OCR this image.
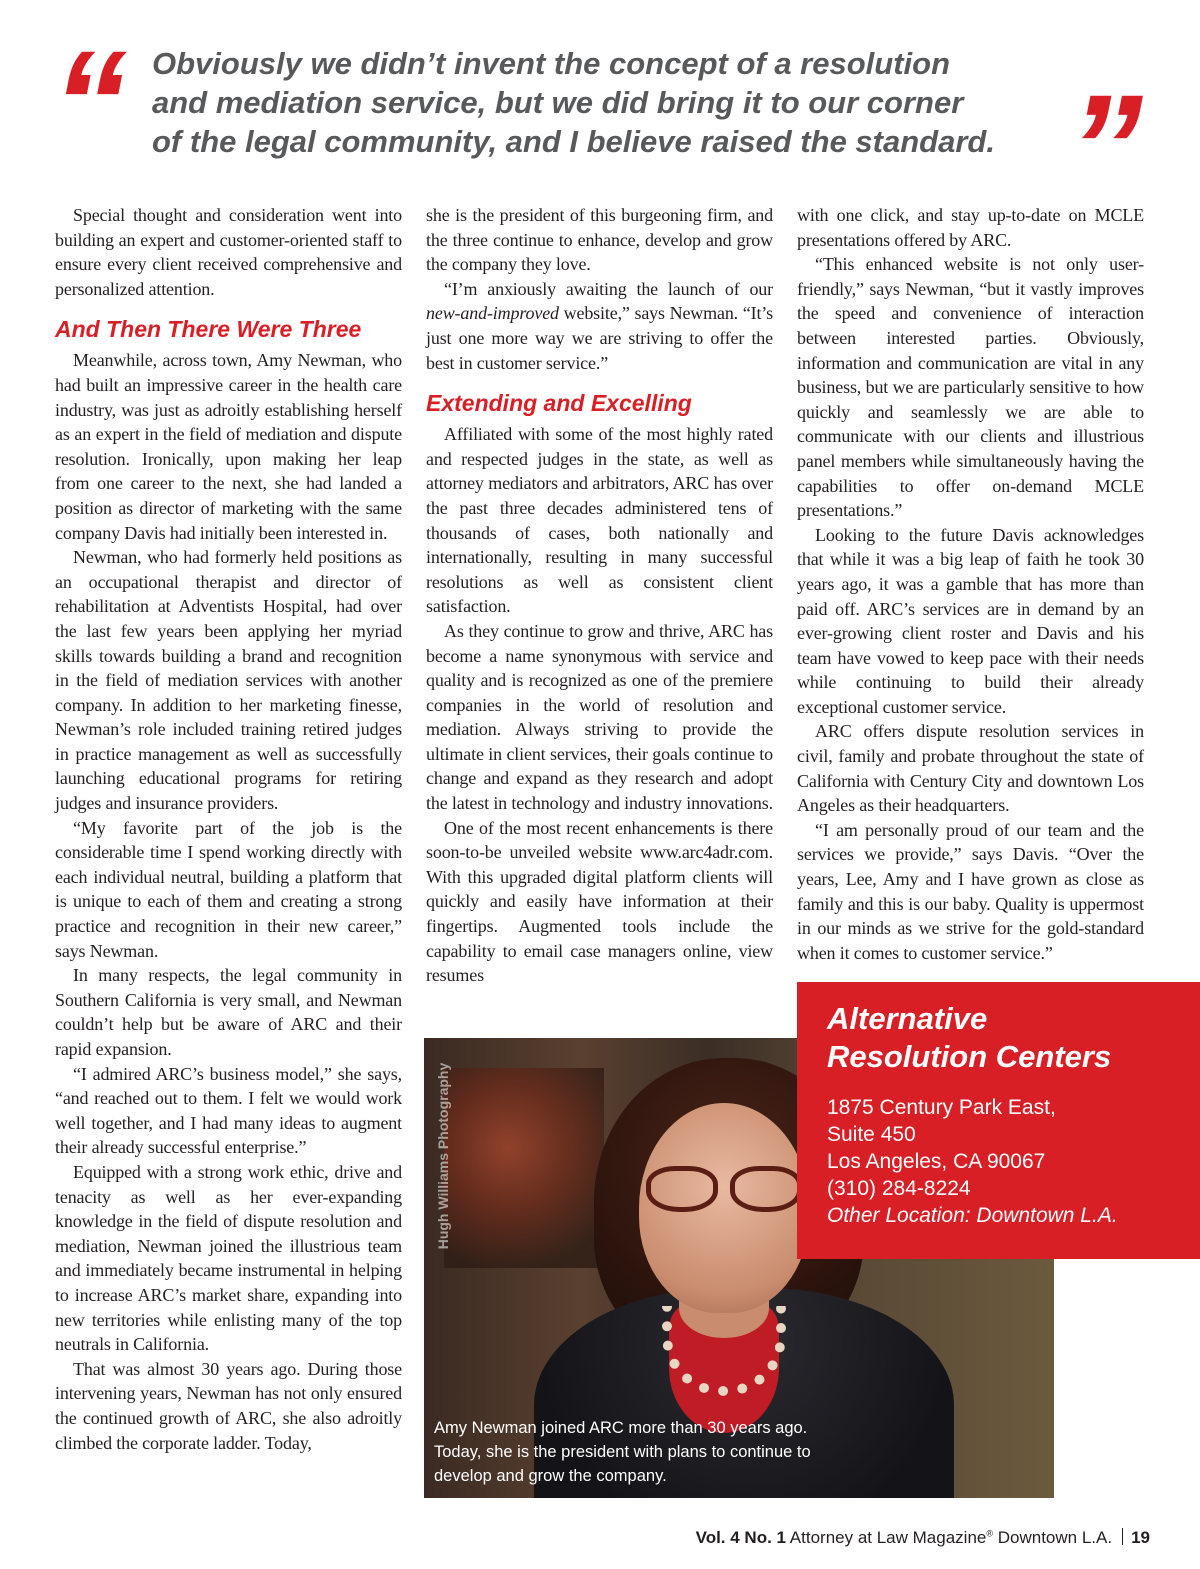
“ Obviously we didn’t invent the concept of a resolution
and mediation service, but we did bring it to our corner
of the legal community, and I believe raised the standard. ”

Special thought and consideration went into building an expert and customer-oriented staff to ensure every client received comprehensive and personalized attention.

And Then There Were Three

Meanwhile, across town, Amy Newman, who had built an impressive career in the health care industry, was just as adroitly establishing herself as an expert in the field of mediation and dispute resolution. Ironically, upon making her leap from one career to the next, she had landed a position as director of marketing with the same company Davis had initially been interested in.

Newman, who had formerly held positions as an occupational therapist and director of rehabilitation at Adventists Hospital, had over the last few years been applying her myriad skills towards building a brand and recognition in the field of mediation services with another company. In addition to her marketing finesse, Newman’s role included training retired judges in practice management as well as successfully launching educational programs for retiring judges and insurance providers.

“My favorite part of the job is the considerable time I spend working directly with each individual neutral, building a platform that is unique to each of them and creating a strong practice and recognition in their new career,” says Newman.

In many respects, the legal community in Southern California is very small, and Newman couldn’t help but be aware of ARC and their rapid expansion.

“I admired ARC’s business model,” she says, “and reached out to them. I felt we would work well together, and I had many ideas to augment their already successful enterprise.”

Equipped with a strong work ethic, drive and tenacity as well as her ever-expanding knowledge in the field of dispute resolution and mediation, Newman joined the illustrious team and immediately became instrumental in helping to increase ARC’s market share, expanding into new territories while enlisting many of the top neutrals in California.

That was almost 30 years ago. During those intervening years, Newman has not only ensured the continued growth of ARC, she also adroitly climbed the corporate ladder. Today,

she is the president of this burgeoning firm, and the three continue to enhance, develop and grow the company they love.

“I’m anxiously awaiting the launch of our new-and-improved website,” says Newman. “It’s just one more way we are striving to offer the best in customer service.”

Extending and Excelling

Affiliated with some of the most highly rated and respected judges in the state, as well as attorney mediators and arbitrators, ARC has over the past three decades administered tens of thousands of cases, both nationally and internationally, resulting in many successful resolutions as well as consistent client satisfaction.

As they continue to grow and thrive, ARC has become a name synonymous with service and quality and is recognized as one of the premiere companies in the world of resolution and mediation. Always striving to provide the ultimate in client services, their goals continue to change and expand as they research and adopt the latest in technology and industry innovations.

One of the most recent enhancements is there soon-to-be unveiled website www.arc4adr.com. With this upgraded digital platform clients will quickly and easily have information at their fingertips. Augmented tools include the capability to email case managers online, view resumes

with one click, and stay up-to-date on MCLE presentations offered by ARC.

“This enhanced website is not only user-friendly,” says Newman, “but it vastly improves the speed and convenience of interaction between interested parties. Obviously, information and communication are vital in any business, but we are particularly sensitive to how quickly and seamlessly we are able to communicate with our clients and illustrious panel members while simultaneously having the capabilities to offer on-demand MCLE presentations.”

Looking to the future Davis acknowledges that while it was a big leap of faith he took 30 years ago, it was a gamble that has more than paid off. ARC’s services are in demand by an ever-growing client roster and Davis and his team have vowed to keep pace with their needs while continuing to build their already exceptional customer service.

ARC offers dispute resolution services in civil, family and probate throughout the state of California with Century City and downtown Los Angeles as their headquarters.

“I am personally proud of our team and the services we provide,” says Davis. “Over the years, Lee, Amy and I have grown as close as family and this is our baby. Quality is uppermost in our minds as we strive for the gold-standard when it comes to customer service.”

Hugh Williams Photography
Amy Newman joined ARC more than 30 years ago. Today, she is the president with plans to continue to develop and grow the company.
Alternative
Resolution Centers
1875 Century Park East,
Suite 450
Los Angeles, CA 90067
(310) 284-8224
Other Location: Downtown L.A.
Vol. 4 No. 1 Attorney at Law Magazine® Downtown L.A. 19
